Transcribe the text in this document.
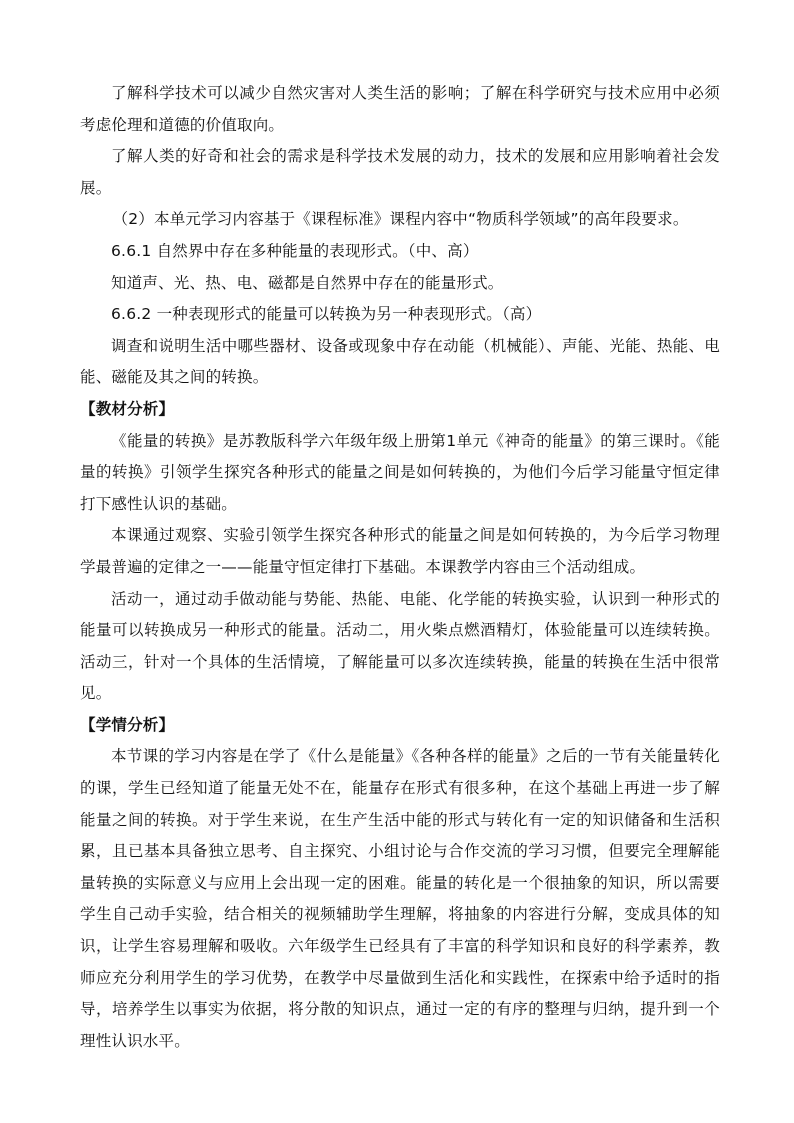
了解科学技术可以减少自然灾害对人类生活的影响；了解在科学研究与技术应用中必须考虑伦理和道德的价值取向。

了解人类的好奇和社会的需求是科学技术发展的动力，技术的发展和应用影响着社会发展。

（2）本单元学习内容基于《课程标准》课程内容中“物质科学领域”的高年段要求。

6.6.1 自然界中存在多种能量的表现形式。（中、高）

知道声、光、热、电、磁都是自然界中存在的能量形式。

6.6.2 一种表现形式的能量可以转换为另一种表现形式。（高）

调查和说明生活中哪些器材、设备或现象中存在动能（机械能）、声能、光能、热能、电能、磁能及其之间的转换。

【教材分析】

《能量的转换》是苏教版科学六年级年级上册第1单元《神奇的能量》的第三课时。《能量的转换》引领学生探究各种形式的能量之间是如何转换的，为他们今后学习能量守恒定律打下感性认识的基础。

本课通过观察、实验引领学生探究各种形式的能量之间是如何转换的，为今后学习物理学最普遍的定律之一——能量守恒定律打下基础。本课教学内容由三个活动组成。

活动一，通过动手做动能与势能、热能、电能、化学能的转换实验，认识到一种形式的能量可以转换成另一种形式的能量。活动二，用火柴点燃酒精灯，体验能量可以连续转换。活动三，针对一个具体的生活情境，了解能量可以多次连续转换，能量的转换在生活中很常见。

【学情分析】

本节课的学习内容是在学了《什么是能量》《各种各样的能量》之后的一节有关能量转化的课，学生已经知道了能量无处不在，能量存在形式有很多种，在这个基础上再进一步了解能量之间的转换。对于学生来说，在生产生活中能的形式与转化有一定的知识储备和生活积累，且已基本具备独立思考、自主探究、小组讨论与合作交流的学习习惯，但要完全理解能量转换的实际意义与应用上会出现一定的困难。能量的转化是一个很抽象的知识，所以需要学生自己动手实验，结合相关的视频辅助学生理解，将抽象的内容进行分解，变成具体的知识，让学生容易理解和吸收。六年级学生已经具有了丰富的科学知识和良好的科学素养，教师应充分利用学生的学习优势，在教学中尽量做到生活化和实践性，在探索中给予适时的指导，培养学生以事实为依据，将分散的知识点，通过一定的有序的整理与归纳，提升到一个理性认识水平。
